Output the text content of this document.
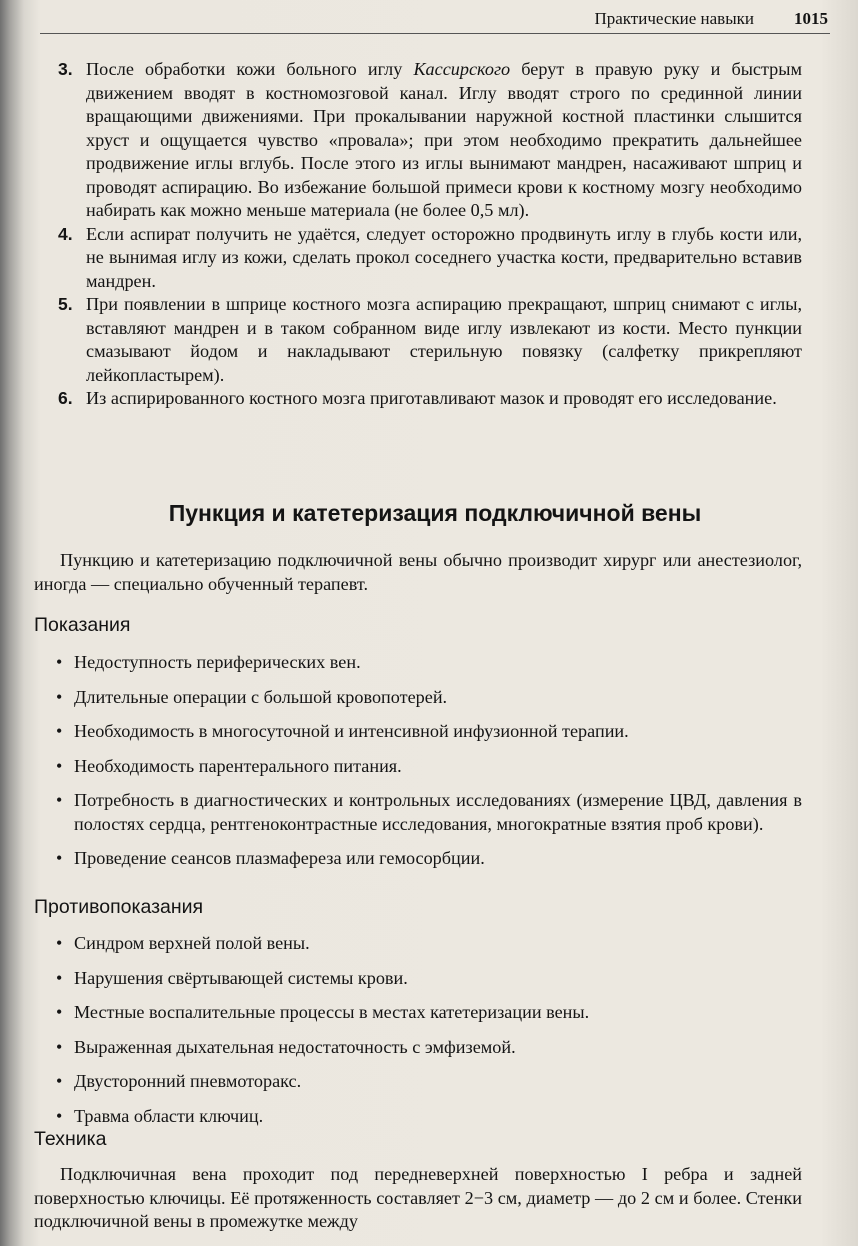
Практические навыки 1015
3. После обработки кожи больного иглу Кассирского берут в правую руку и быстрым движением вводят в костномозговой канал. Иглу вводят строго по срединной линии вращающими движениями. При прокалывании наружной костной пластинки слышится хруст и ощущается чувство «провала»; при этом необходимо прекратить дальнейшее продвижение иглы вглубь. После этого из иглы вынимают мандрен, насаживают шприц и проводят аспирацию. Во избежание большой примеси крови к костному мозгу необходимо набирать как можно меньше материала (не более 0,5 мл).
4. Если аспират получить не удаётся, следует осторожно продвинуть иглу в глубь кости или, не вынимая иглу из кожи, сделать прокол соседнего участка кости, предварительно вставив мандрен.
5. При появлении в шприце костного мозга аспирацию прекращают, шприц снимают с иглы, вставляют мандрен и в таком собранном виде иглу извлекают из кости. Место пункции смазывают йодом и накладывают стерильную повязку (салфетку прикрепляют лейкопластырем).
6. Из аспирированного костного мозга приготавливают мазок и проводят его исследование.
Пункция и катетеризация подключичной вены
Пункцию и катетеризацию подключичной вены обычно производит хирург или анестезиолог, иногда — специально обученный терапевт.
Показания
• Недоступность периферических вен.
• Длительные операции с большой кровопотерей.
• Необходимость в многосуточной и интенсивной инфузионной терапии.
• Необходимость парентерального питания.
• Потребность в диагностических и контрольных исследованиях (измерение ЦВД, давления в полостях сердца, рентгеноконтрастные исследования, многократные взятия проб крови).
• Проведение сеансов плазмафереза или гемосорбции.
Противопоказания
• Синдром верхней полой вены.
• Нарушения свёртывающей системы крови.
• Местные воспалительные процессы в местах катетеризации вены.
• Выраженная дыхательная недостаточность с эмфиземой.
• Двусторонний пневмоторакс.
• Травма области ключиц.
Техника
Подключичная вена проходит под передневерхней поверхностью I ребра и задней поверхностью ключицы. Её протяженность составляет 2−3 см, диаметр — до 2 см и более. Стенки подключичной вены в промежутке между
